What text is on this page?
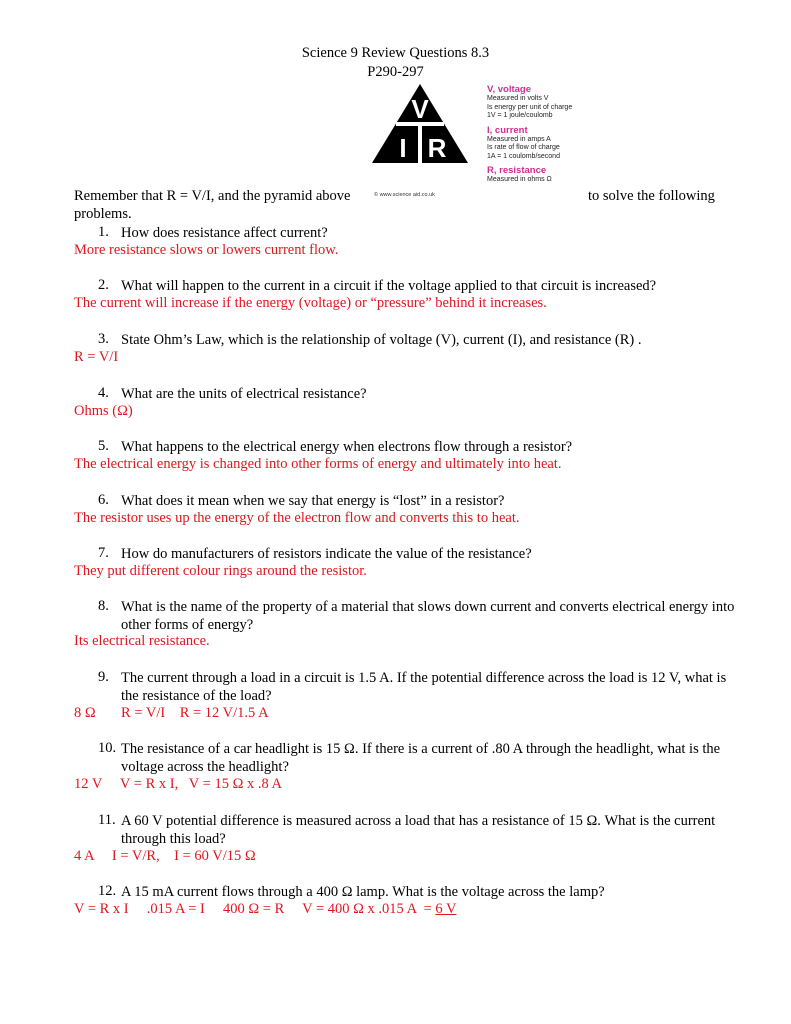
Science 9 Review Questions 8.3
P290-297
V
I R
© www.science aid.co.uk
V, voltage
Measured in volts V
Is energy per unit of charge
1V = 1 joule/coulomb
I, current
Measured in amps A
Is rate of flow of charge
1A = 1 coulomb/second
R, resistance
Measured in ohms Ω
Remember that R = V/I, and the pyramid above	to solve the following
problems.
1. How does resistance affect current?
More resistance slows or lowers current flow.
2. What will happen to the current in a circuit if the voltage applied to that circuit is increased?
The current will increase if the energy (voltage) or “pressure” behind it increases.
3. State Ohm’s Law, which is the relationship of voltage (V), current (I), and resistance (R) .
R = V/I
4. What are the units of electrical resistance?
Ohms (Ω)
5. What happens to the electrical energy when electrons flow through a resistor?
The electrical energy is changed into other forms of energy and ultimately into heat.
6. What does it mean when we say that energy is “lost” in a resistor?
The resistor uses up the energy of the electron flow and converts this to heat.
7. How do manufacturers of resistors indicate the value of the resistance?
They put different colour rings around the resistor.
8. What is the name of the property of a material that slows down current and converts electrical energy into other forms of energy?
Its electrical resistance.
9. The current through a load in a circuit is 1.5 A. If the potential difference across the load is 12 V, what is the resistance of the load?
8 Ω       R = V/I    R = 12 V/1.5 A
10. The resistance of a car headlight is 15 Ω. If there is a current of .80 A through the headlight, what is the voltage across the headlight?
12 V     V = R x I,   V = 15 Ω x .8 A
11. A 60 V potential difference is measured across a load that has a resistance of 15 Ω. What is the current through this load?
4 A     I = V/R,    I = 60 V/15 Ω
12. A 15 mA current flows through a 400 Ω lamp. What is the voltage across the lamp?
V = R x I     .015 A = I     400 Ω = R     V = 400 Ω x .015 A  = 6 V
